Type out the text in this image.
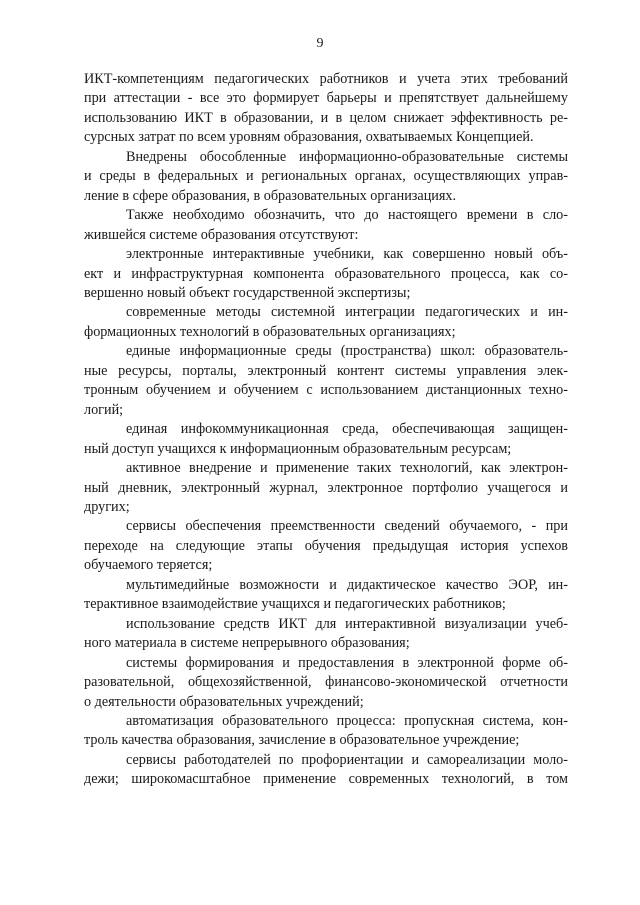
9
ИКТ-компетенциям педагогических работников и учета этих требований
при аттестации - все это формирует барьеры и препятствует дальнейшему
использованию ИКТ в образовании, и в целом снижает эффективность ре-
сурсных затрат по всем уровням образования, охватываемых Концепцией.
Внедрены обособленные информационно-образовательные системы
и среды в федеральных и региональных органах, осуществляющих управ-
ление в сфере образования, в образовательных организациях.
Также необходимо обозначить, что до настоящего времени в сло-
жившейся системе образования отсутствуют:
электронные интерактивные учебники, как совершенно новый объ-
ект и инфраструктурная компонента образовательного процесса, как со-
вершенно новый объект государственной экспертизы;
современные методы системной интеграции педагогических и ин-
формационных технологий в образовательных организациях;
единые информационные среды (пространства) школ: образователь-
ные ресурсы, порталы, электронный контент системы управления элек-
тронным обучением и обучением с использованием дистанционных техно-
логий;
единая инфокоммуникационная среда, обеспечивающая защищен-
ный доступ учащихся к информационным образовательным ресурсам;
активное внедрение и применение таких технологий, как электрон-
ный дневник, электронный журнал, электронное портфолио учащегося и
других;
сервисы обеспечения преемственности сведений обучаемого, - при
переходе на следующие этапы обучения предыдущая история успехов
обучаемого теряется;
мультимедийные возможности и дидактическое качество ЭОР, ин-
терактивное взаимодействие учащихся и педагогических работников;
использование средств ИКТ для интерактивной визуализации учеб-
ного материала в системе непрерывного образования;
системы формирования и предоставления в электронной форме об-
разовательной, общехозяйственной, финансово-экономической отчетности
о деятельности образовательных учреждений;
автоматизация образовательного процесса: пропускная система, кон-
троль качества образования, зачисление в образовательное учреждение;
сервисы работодателей по профориентации и самореализации моло-
дежи; широкомасштабное применение современных технологий, в том
